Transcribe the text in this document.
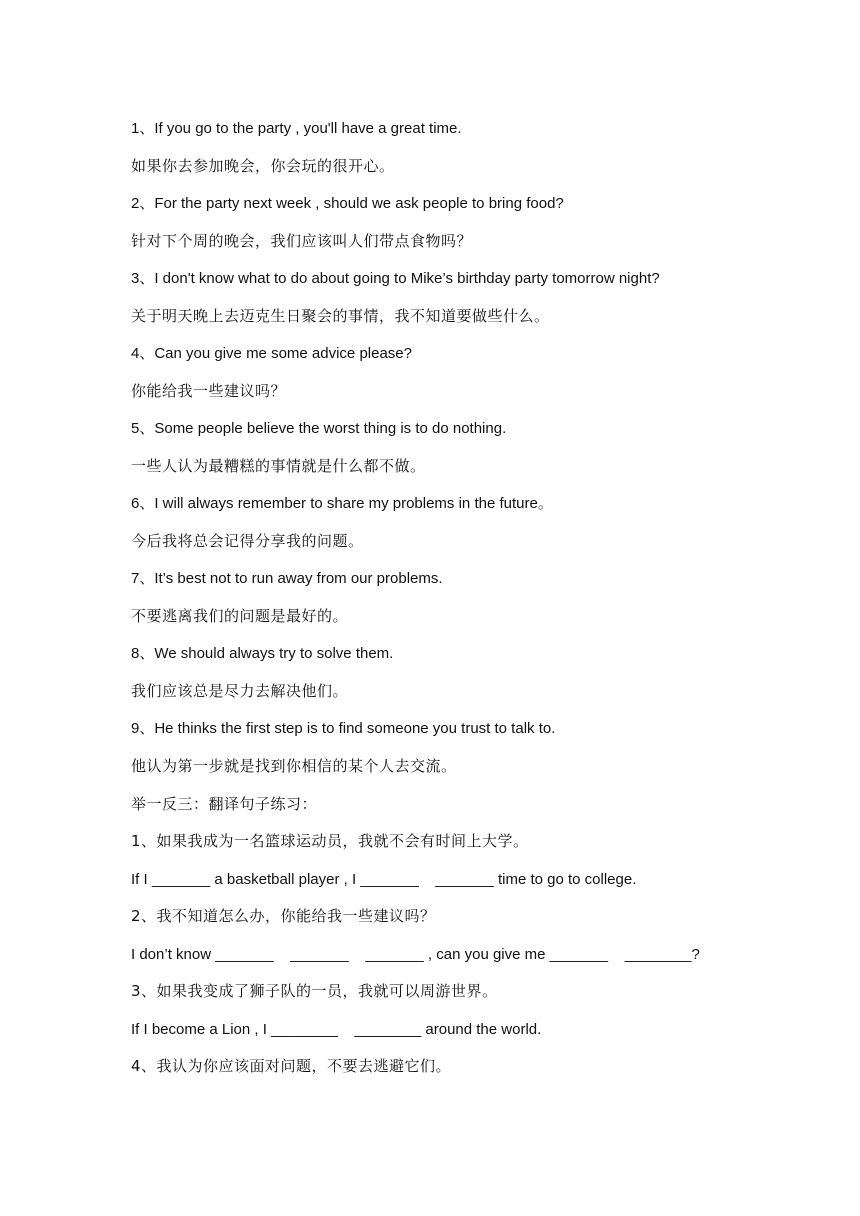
1、If you go to the party , you'll have a great time.
如果你去参加晚会，你会玩的很开心。
2、For the party next week , should we ask people to bring food?
针对下个周的晚会，我们应该叫人们带点食物吗？
3、I don't know what to do about going to Mike’s birthday party tomorrow night?
关于明天晚上去迈克生日聚会的事情，我不知道要做些什么。
4、Can you give me some advice please?
你能给我一些建议吗？
5、Some people believe the worst thing is to do nothing.
一些人认为最糟糕的事情就是什么都不做。
6、I will always remember to share my problems in the future。
今后我将总会记得分享我的问题。
7、It’s best not to run away from our problems.
不要逃离我们的问题是最好的。
8、We should always try to solve them.
我们应该总是尽力去解决他们。
9、He thinks the first step is to find someone you trust to talk to.
他认为第一步就是找到你相信的某个人去交流。
举一反三：翻译句子练习：
1、如果我成为一名篮球运动员，我就不会有时间上大学。
If I _______ a basketball player , I _______    _______ time to go to college.
2、我不知道怎么办，你能给我一些建议吗？
I don’t know _______    _______    _______ , can you give me _______    ________?
3、如果我变成了狮子队的一员，我就可以周游世界。
If I become a Lion , I ________    ________ around the world.
4、我认为你应该面对问题，不要去逃避它们。
